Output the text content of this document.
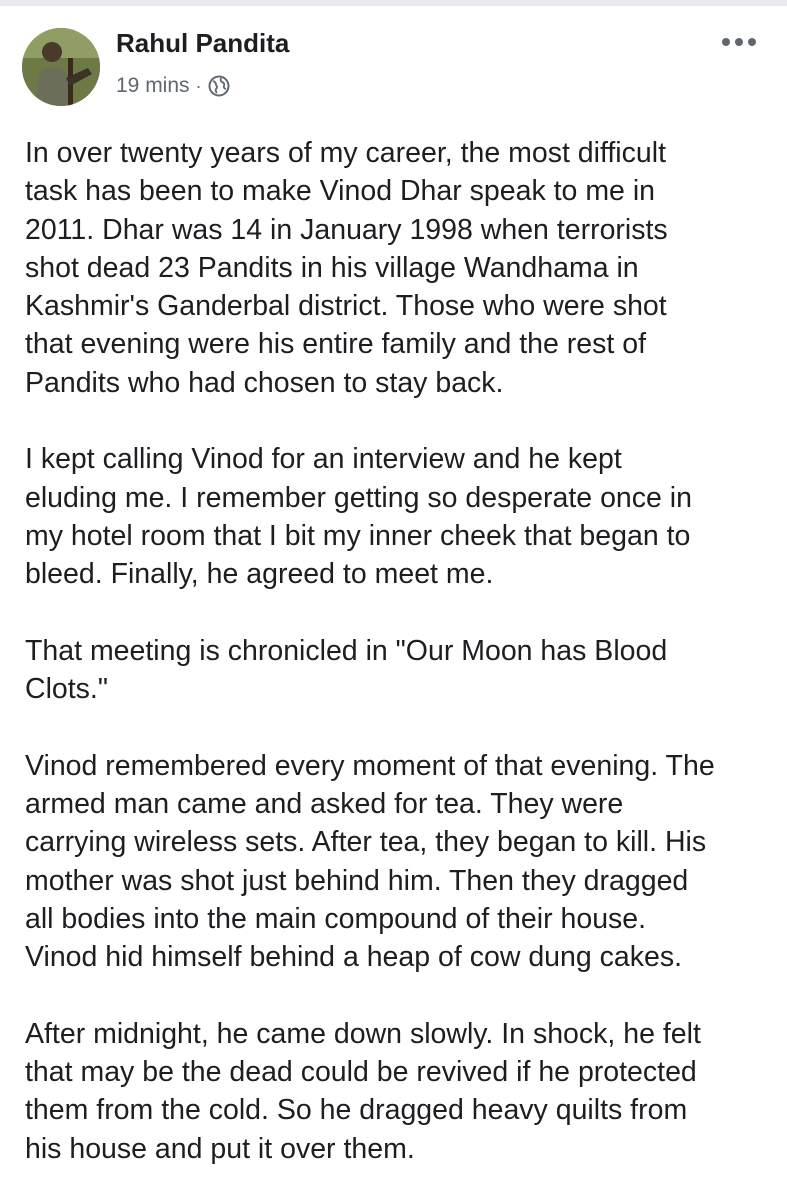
Rahul Pandita
19 mins ·

In over twenty years of my career, the most difficult
task has been to make Vinod Dhar speak to me in
2011. Dhar was 14 in January 1998 when terrorists
shot dead 23 Pandits in his village Wandhama in
Kashmir's Ganderbal district. Those who were shot
that evening were his entire family and the rest of
Pandits who had chosen to stay back.

I kept calling Vinod for an interview and he kept
eluding me. I remember getting so desperate once in
my hotel room that I bit my inner cheek that began to
bleed. Finally, he agreed to meet me.

That meeting is chronicled in "Our Moon has Blood
Clots."

Vinod remembered every moment of that evening. The
armed man came and asked for tea. They were
carrying wireless sets. After tea, they began to kill. His
mother was shot just behind him. Then they dragged
all bodies into the main compound of their house.
Vinod hid himself behind a heap of cow dung cakes.

After midnight, he came down slowly. In shock, he felt
that may be the dead could be revived if he protected
them from the cold. So he dragged heavy quilts from
his house and put it over them.
